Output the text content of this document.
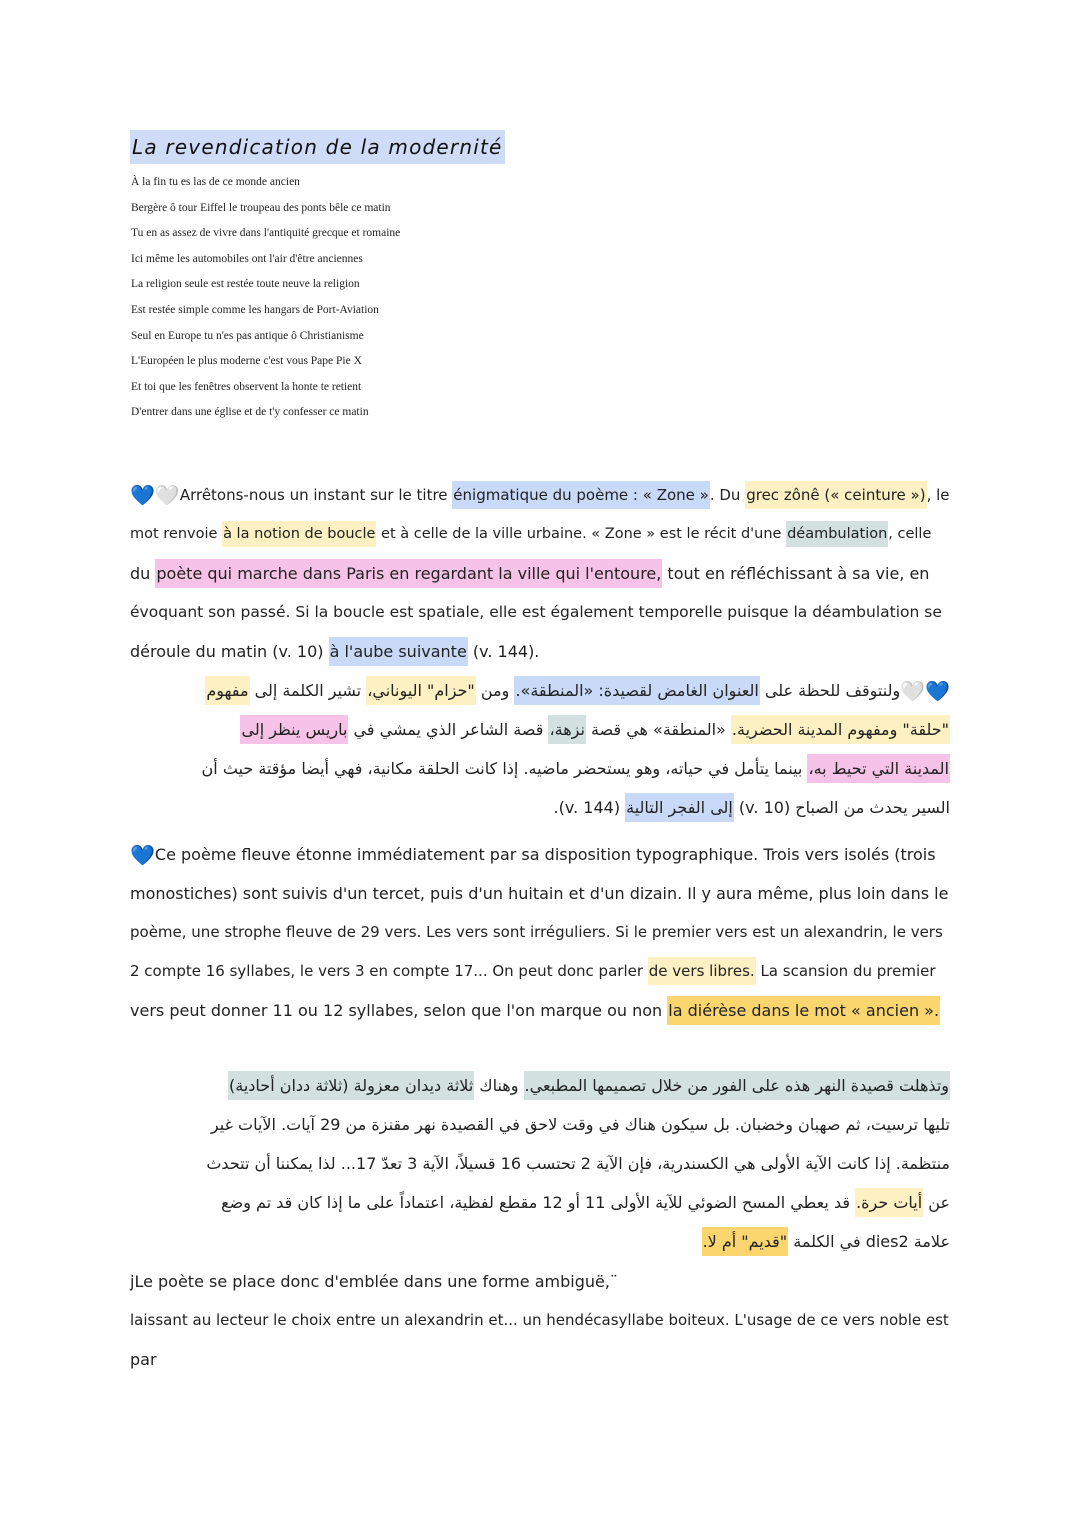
La revendication de la modernité
À la fin tu es las de ce monde ancien
Bergère ô tour Eiffel le troupeau des ponts bêle ce matin
Tu en as assez de vivre dans l'antiquité grecque et romaine
Ici même les automobiles ont l'air d'être anciennes
La religion seule est restée toute neuve la religion
Est restée simple comme les hangars de Port-Aviation
Seul en Europe tu n'es pas antique ô Christianisme
L'Européen le plus moderne c'est vous Pape Pie X
Et toi que les fenêtres observent la honte te retient
D'entrer dans une église et de t'y confesser ce matin
💙🤍Arrêtons-nous un instant sur le titre énigmatique du poème : « Zone ». Du grec zônê (« ceinture »), le
mot renvoie à la notion de boucle et à celle de la ville urbaine. « Zone » est le récit d'une déambulation, celle
du poète qui marche dans Paris en regardant la ville qui l'entoure, tout en réfléchissant à sa vie, en
évoquant son passé. Si la boucle est spatiale, elle est également temporelle puisque la déambulation se
déroule du matin (v. 10) à l'aube suivante (v. 144).
💙🤍ولنتوقف للحظة على العنوان الغامض لقصيدة: «المنطقة». ومن "حزام" اليوناني، تشير الكلمة إلى مفهوم
"حلقة" ومفهوم المدينة الحضرية. «المنطقة» هي قصة نزهة، قصة الشاعر الذي يمشي في باريس ينظر إلى
المدينة التي تحيط به، بينما يتأمل في حياته، وهو يستحضر ماضيه. إذا كانت الحلقة مكانية، فهي أيضا مؤقتة حيث أن
السير يحدث من الصباح (v. 10) إلى الفجر التالية (v. 144).
💙Ce poème fleuve étonne immédiatement par sa disposition typographique. Trois vers isolés (trois
monostiches) sont suivis d'un tercet, puis d'un huitain et d'un dizain. Il y aura même, plus loin dans le
poème, une strophe fleuve de 29 vers. Les vers sont irréguliers. Si le premier vers est un alexandrin, le vers
2 compte 16 syllabes, le vers 3 en compte 17... On peut donc parler de vers libres. La scansion du premier
vers peut donner 11 ou 12 syllabes, selon que l'on marque ou non la diérèse dans le mot « ancien ».
وتذهلت قصيدة النهر هذه على الفور من خلال تصميمها المطبعي. وهناك ثلاثة ديدان معزولة (ثلاثة ددان أحادية)
تليها ترسيت، ثم صهبان وخضبان. بل سيكون هناك في وقت لاحق في القصيدة نهر مقنزة من 29 آيات. الآيات غير
منتظمة. إذا كانت الآية الأولى هي الكسندرية، فإن الآية 2 تحتسب 16 قسيلاً، الآية 3 تعدّ 17... لذا يمكننا أن تتحدث
عن أيات حرة. قد يعطي المسح الضوئي للآية الأولى 11 أو 12 مقطع لفظية، اعتماداً على ما إذا كان قد تم وضع
علامة dies2 في الكلمة "قديم" أم لا.
jLe poète se place donc d'emblée dans une forme ambiguë,¨
laissant au lecteur le choix entre un alexandrin et... un hendécasyllabe boiteux. L'usage de ce vers noble est
par
